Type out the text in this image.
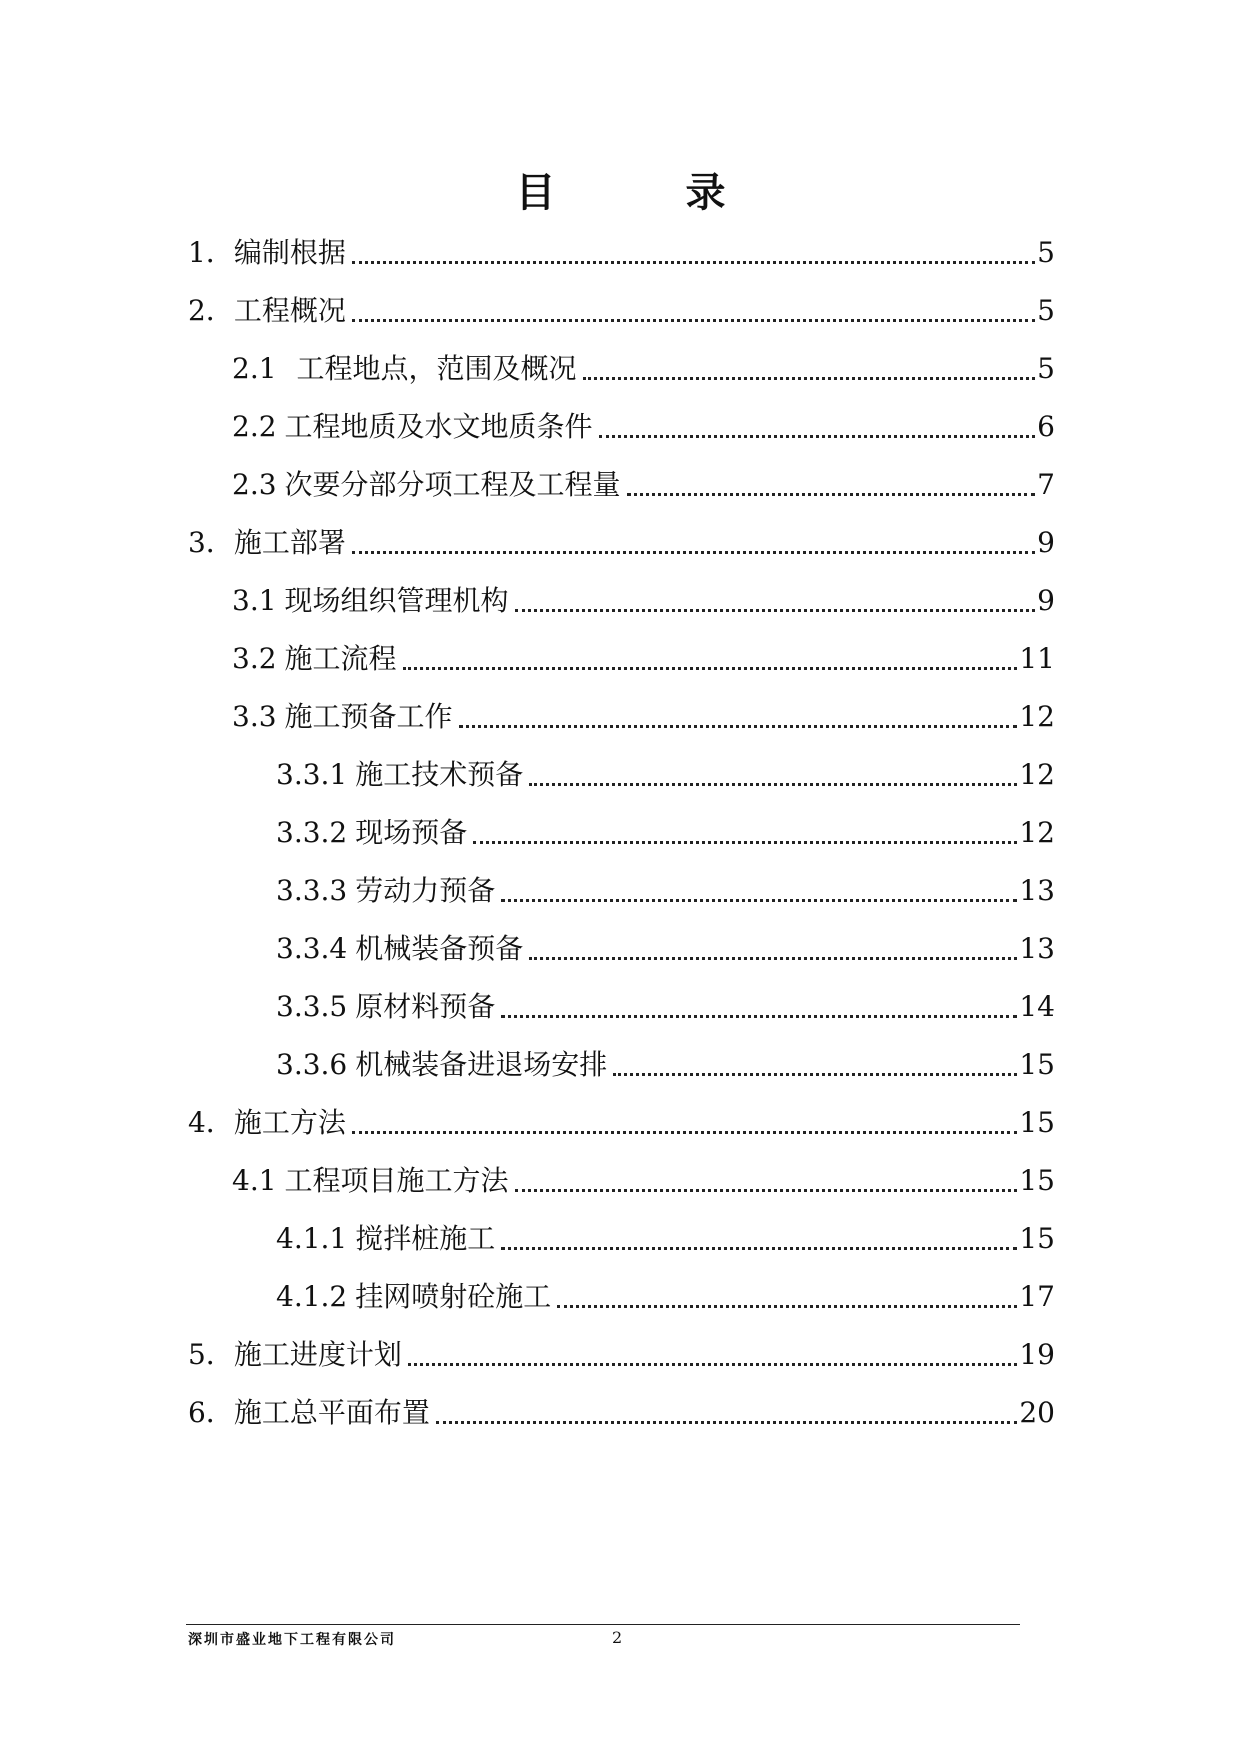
目	录
1． 编制根据	5
2． 工程概况	5
2.1 工程地点，范围及概况	5
2.2 工程地质及水文地质条件	6
2.3 次要分部分项工程及工程量	7
3． 施工部署	9
3.1 现场组织管理机构	9
3.2 施工流程	11
3.3 施工预备工作	12
3.3.1 施工技术预备	12
3.3.2 现场预备	12
3.3.3 劳动力预备	13
3.3.4 机械装备预备	13
3.3.5 原材料预备	14
3.3.6 机械装备进退场安排	15
4． 施工方法	15
4.1 工程项目施工方法	15
4.1.1 搅拌桩施工	15
4.1.2 挂网喷射砼施工	17
5． 施工进度计划	19
6． 施工总平面布置	20
深圳市盛业地下工程有限公司	2
